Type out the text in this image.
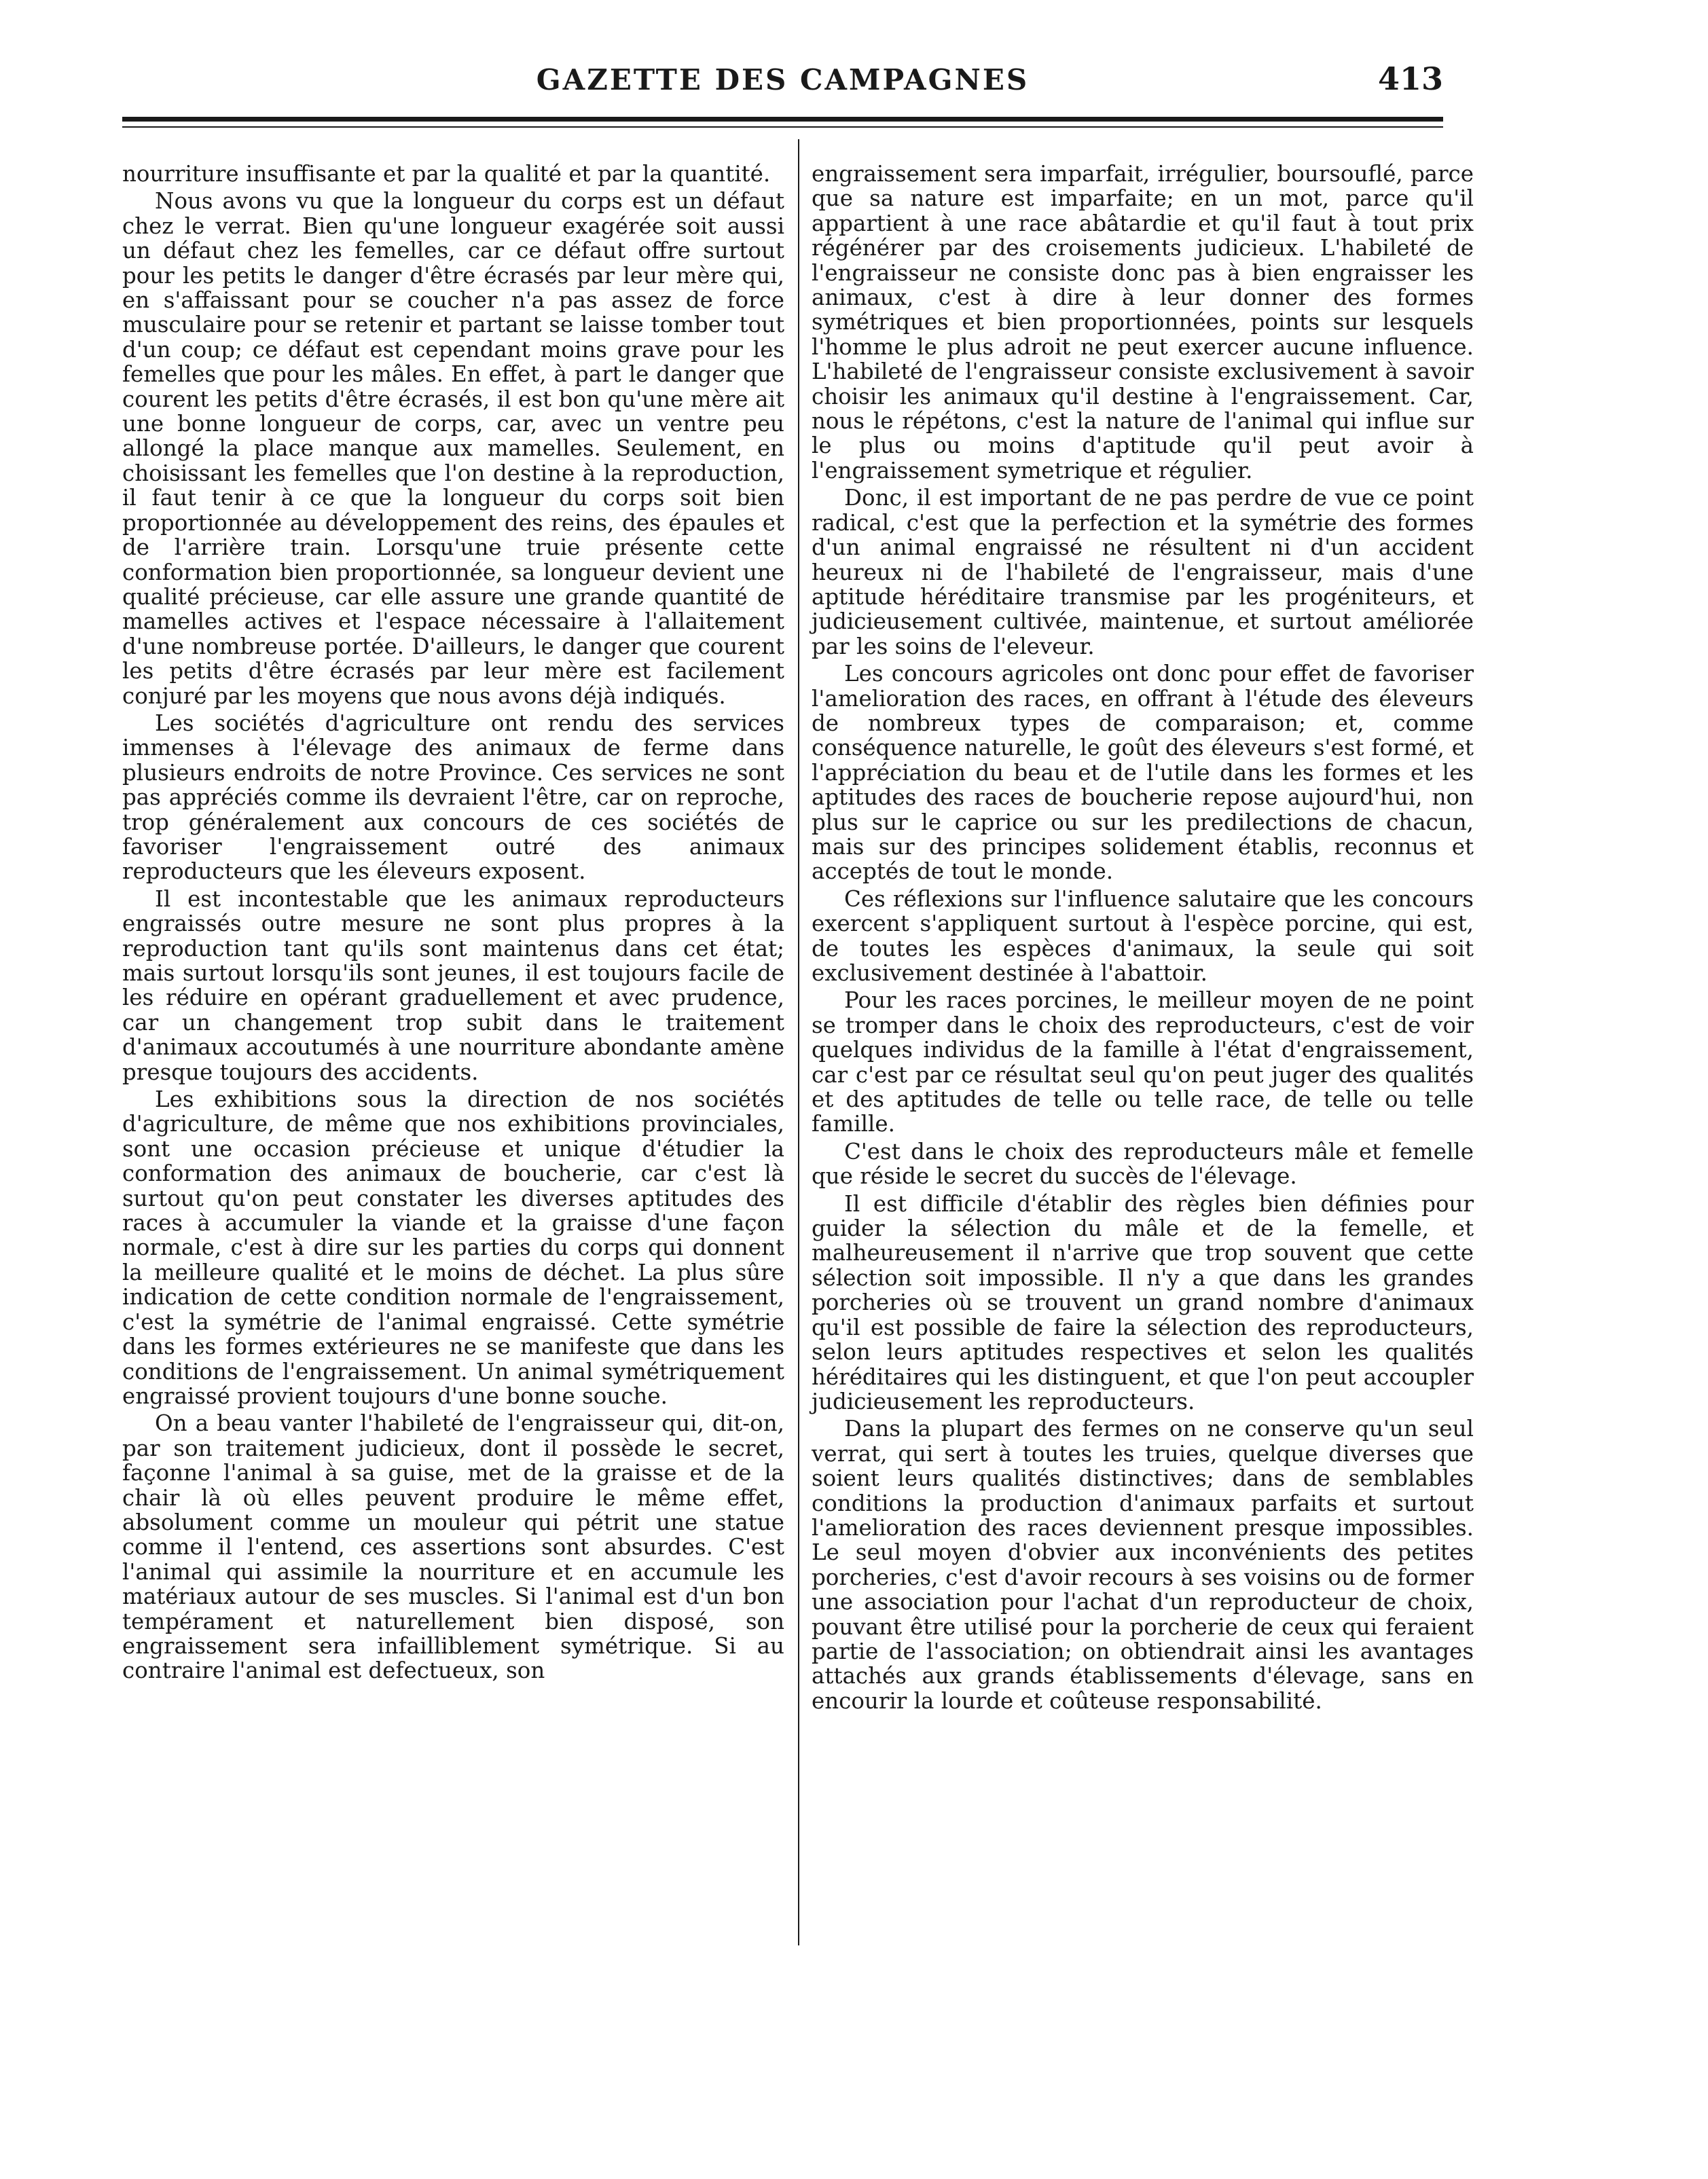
GAZETTE DES CAMPAGNES	413

nourriture insuffisante et par la qualité et par la quantité.

Nous avons vu que la longueur du corps est un défaut chez le verrat. Bien qu'une longueur exagérée soit aussi un défaut chez les femelles, car ce défaut offre surtout pour les petits le danger d'être écrasés par leur mère qui, en s'affaissant pour se coucher n'a pas assez de force musculaire pour se retenir et partant se laisse tomber tout d'un coup; ce défaut est cependant moins grave pour les femelles que pour les mâles. En effet, à part le danger que courent les petits d'être écrasés, il est bon qu'une mère ait une bonne longueur de corps, car, avec un ventre peu allongé la place manque aux mamelles. Seulement, en choisissant les femelles que l'on destine à la reproduction, il faut tenir à ce que la longueur du corps soit bien proportionnée au développement des reins, des épaules et de l'arrière train. Lorsqu'une truie présente cette conformation bien proportionnée, sa longueur devient une qualité précieuse, car elle assure une grande quantité de mamelles actives et l'espace nécessaire à l'allaitement d'une nombreuse portée. D'ailleurs, le danger que courent les petits d'être écrasés par leur mère est facilement conjuré par les moyens que nous avons déjà indiqués.

Les sociétés d'agriculture ont rendu des services immenses à l'élevage des animaux de ferme dans plusieurs endroits de notre Province. Ces services ne sont pas appréciés comme ils devraient l'être, car on reproche, trop généralement aux concours de ces sociétés de favoriser l'engraissement outré des animaux reproducteurs que les éleveurs exposent.

Il est incontestable que les animaux reproducteurs engraissés outre mesure ne sont plus propres à la reproduction tant qu'ils sont maintenus dans cet état; mais surtout lorsqu'ils sont jeunes, il est toujours facile de les réduire en opérant graduellement et avec prudence, car un changement trop subit dans le traitement d'animaux accoutumés à une nourriture abondante amène presque toujours des accidents.

Les exhibitions sous la direction de nos sociétés d'agriculture, de même que nos exhibitions provinciales, sont une occasion précieuse et unique d'étudier la conformation des animaux de boucherie, car c'est là surtout qu'on peut constater les diverses aptitudes des races à accumuler la viande et la graisse d'une façon normale, c'est à dire sur les parties du corps qui donnent la meilleure qualité et le moins de déchet. La plus sûre indication de cette condition normale de l'engraissement, c'est la symétrie de l'animal engraissé. Cette symétrie dans les formes extérieures ne se manifeste que dans les conditions de l'engraissement. Un animal symétriquement engraissé provient toujours d'une bonne souche.

On a beau vanter l'habileté de l'engraisseur qui, dit-on, par son traitement judicieux, dont il possède le secret, façonne l'animal à sa guise, met de la graisse et de la chair là où elles peuvent produire le même effet, absolument comme un mouleur qui pétrit une statue comme il l'entend, ces assertions sont absurdes. C'est l'animal qui assimile la nourriture et en accumule les matériaux autour de ses muscles. Si l'animal est d'un bon tempérament et naturellement bien disposé, son engraissement sera infailliblement symétrique. Si au contraire l'animal est defectueux, son

engraissement sera imparfait, irrégulier, boursouflé, parce que sa nature est imparfaite; en un mot, parce qu'il appartient à une race abâtardie et qu'il faut à tout prix régénérer par des croisements judicieux. L'habileté de l'engraisseur ne consiste donc pas à bien engraisser les animaux, c'est à dire à leur donner des formes symétriques et bien proportionnées, points sur lesquels l'homme le plus adroit ne peut exercer aucune influence. L'habileté de l'engraisseur consiste exclusivement à savoir choisir les animaux qu'il destine à l'engraissement. Car, nous le répétons, c'est la nature de l'animal qui influe sur le plus ou moins d'aptitude qu'il peut avoir à l'engraissement symetrique et régulier.

Donc, il est important de ne pas perdre de vue ce point radical, c'est que la perfection et la symétrie des formes d'un animal engraissé ne résultent ni d'un accident heureux ni de l'habileté de l'engraisseur, mais d'une aptitude héréditaire transmise par les progéniteurs, et judicieusement cultivée, maintenue, et surtout améliorée par les soins de l'eleveur.

Les concours agricoles ont donc pour effet de favoriser l'amelioration des races, en offrant à l'étude des éleveurs de nombreux types de comparaison; et, comme conséquence naturelle, le goût des éleveurs s'est formé, et l'appréciation du beau et de l'utile dans les formes et les aptitudes des races de boucherie repose aujourd'hui, non plus sur le caprice ou sur les predilections de chacun, mais sur des principes solidement établis, reconnus et acceptés de tout le monde.

Ces réflexions sur l'influence salutaire que les concours exercent s'appliquent surtout à l'espèce porcine, qui est, de toutes les espèces d'animaux, la seule qui soit exclusivement destinée à l'abattoir.

Pour les races porcines, le meilleur moyen de ne point se tromper dans le choix des reproducteurs, c'est de voir quelques individus de la famille à l'état d'engraissement, car c'est par ce résultat seul qu'on peut juger des qualités et des aptitudes de telle ou telle race, de telle ou telle famille.

C'est dans le choix des reproducteurs mâle et femelle que réside le secret du succès de l'élevage.

Il est difficile d'établir des règles bien définies pour guider la sélection du mâle et de la femelle, et malheureusement il n'arrive que trop souvent que cette sélection soit impossible. Il n'y a que dans les grandes porcheries où se trouvent un grand nombre d'animaux qu'il est possible de faire la sélection des reproducteurs, selon leurs aptitudes respectives et selon les qualités héréditaires qui les distinguent, et que l'on peut accoupler judicieusement les reproducteurs.

Dans la plupart des fermes on ne conserve qu'un seul verrat, qui sert à toutes les truies, quelque diverses que soient leurs qualités distinctives; dans de semblables conditions la production d'animaux parfaits et surtout l'amelioration des races deviennent presque impossibles. Le seul moyen d'obvier aux inconvénients des petites porcheries, c'est d'avoir recours à ses voisins ou de former une association pour l'achat d'un reproducteur de choix, pouvant être utilisé pour la porcherie de ceux qui feraient partie de l'association; on obtiendrait ainsi les avantages attachés aux grands établissements d'élevage, sans en encourir la lourde et coûteuse responsabilité.
